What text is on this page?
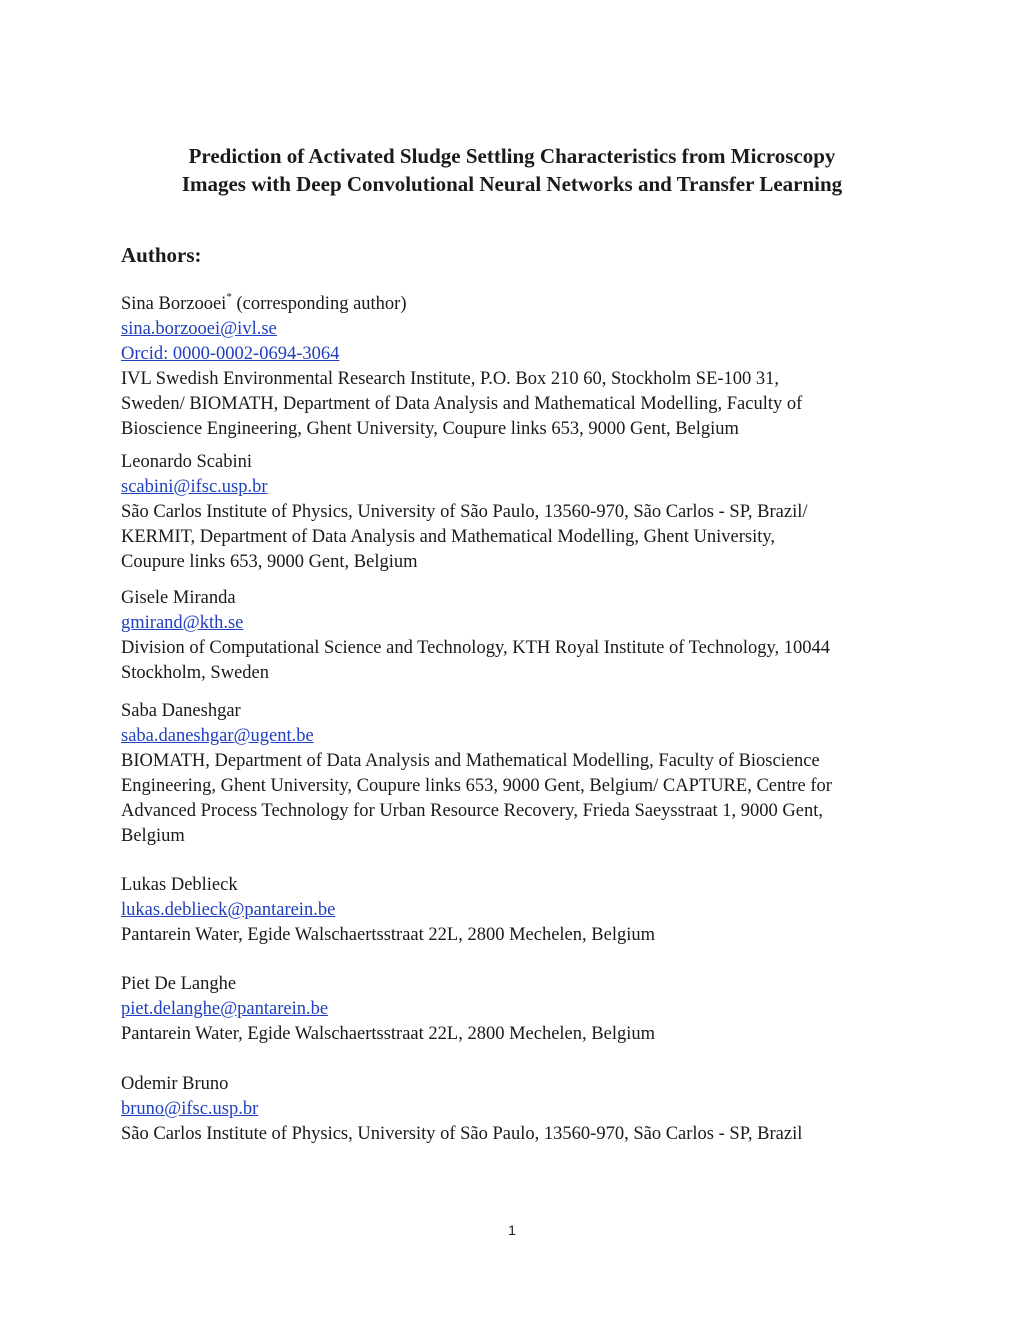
Prediction of Activated Sludge Settling Characteristics from Microscopy
Images with Deep Convolutional Neural Networks and Transfer Learning
Authors:
Sina Borzooei* (corresponding author)
sina.borzooei@ivl.se
Orcid: 0000-0002-0694-3064
IVL Swedish Environmental Research Institute, P.O. Box 210 60, Stockholm SE-100 31,
Sweden/ BIOMATH, Department of Data Analysis and Mathematical Modelling, Faculty of
Bioscience Engineering, Ghent University, Coupure links 653, 9000 Gent, Belgium
Leonardo Scabini
scabini@ifsc.usp.br
São Carlos Institute of Physics, University of São Paulo, 13560-970, São Carlos - SP, Brazil/
KERMIT, Department of Data Analysis and Mathematical Modelling, Ghent University,
Coupure links 653, 9000 Gent, Belgium
Gisele Miranda
gmirand@kth.se
Division of Computational Science and Technology, KTH Royal Institute of Technology, 10044
Stockholm, Sweden
Saba Daneshgar
saba.daneshgar@ugent.be
BIOMATH, Department of Data Analysis and Mathematical Modelling, Faculty of Bioscience
Engineering, Ghent University, Coupure links 653, 9000 Gent, Belgium/ CAPTURE, Centre for
Advanced Process Technology for Urban Resource Recovery, Frieda Saeysstraat 1, 9000 Gent,
Belgium
Lukas Deblieck
lukas.deblieck@pantarein.be
Pantarein Water, Egide Walschaertsstraat 22L, 2800 Mechelen, Belgium
Piet De Langhe
piet.delanghe@pantarein.be
Pantarein Water, Egide Walschaertsstraat 22L, 2800 Mechelen, Belgium
Odemir Bruno
bruno@ifsc.usp.br
São Carlos Institute of Physics, University of São Paulo, 13560-970, São Carlos - SP, Brazil
1
